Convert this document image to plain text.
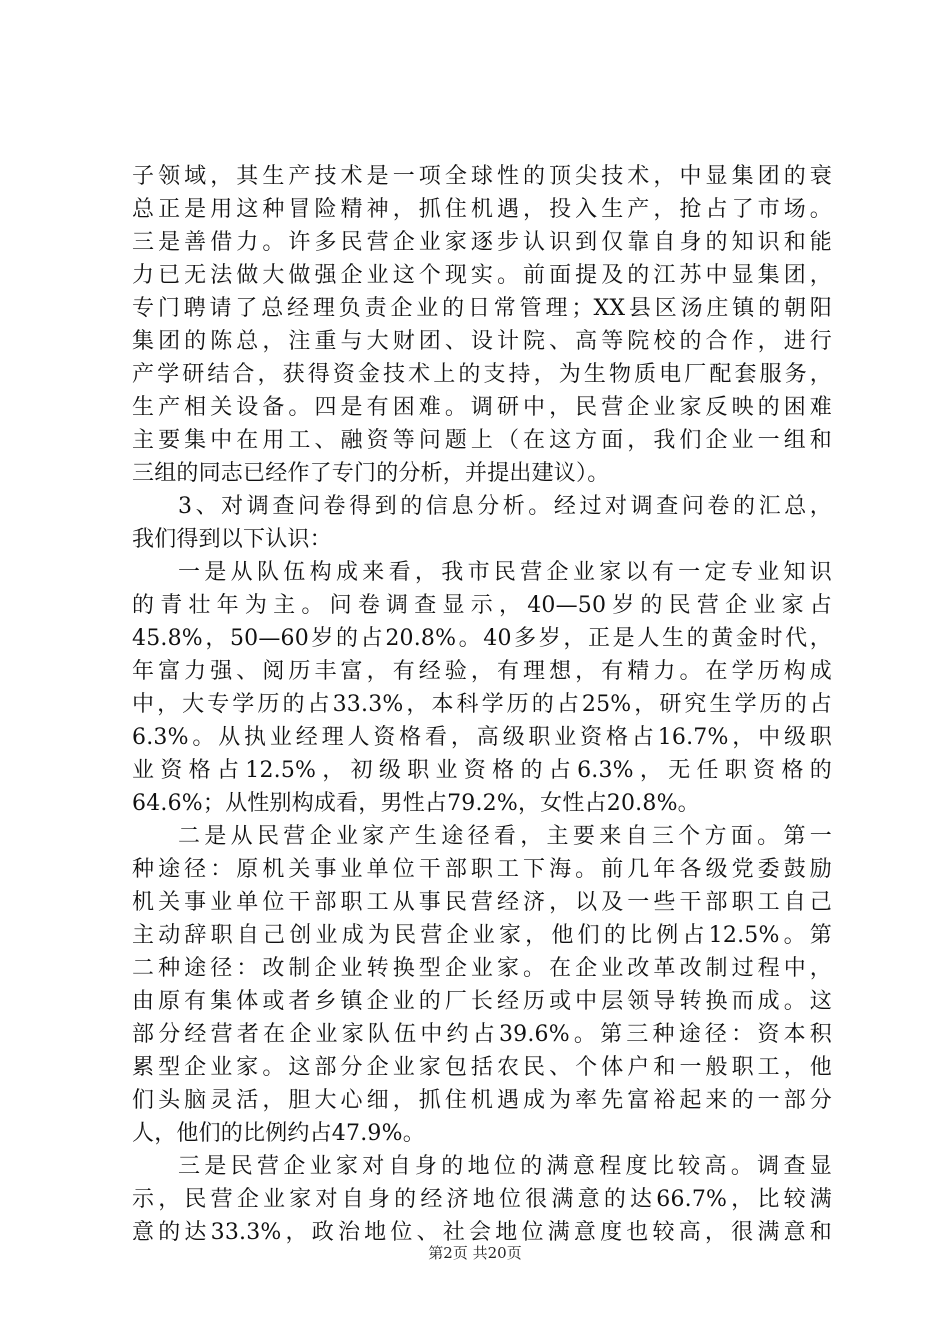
子领域，其生产技术是一项全球性的顶尖技术，中显集团的衰
总正是用这种冒险精神，抓住机遇，投入生产，抢占了市场。
三是善借力。许多民营企业家逐步认识到仅靠自身的知识和能
力已无法做大做强企业这个现实。前面提及的江苏中显集团，
专门聘请了总经理负责企业的日常管理；XX县区汤庄镇的朝阳
集团的陈总，注重与大财团、设计院、高等院校的合作，进行
产学研结合，获得资金技术上的支持，为生物质电厂配套服务，
生产相关设备。四是有困难。调研中，民营企业家反映的困难
主要集中在用工、融资等问题上（在这方面，我们企业一组和
三组的同志已经作了专门的分析，并提出建议）。
3、对调查问卷得到的信息分析。经过对调查问卷的汇总，
我们得到以下认识：
一是从队伍构成来看，我市民营企业家以有一定专业知识
的青壮年为主。问卷调查显示，40—50岁的民营企业家占
45.8%，50—60岁的占20.8%。40多岁，正是人生的黄金时代，
年富力强、阅历丰富，有经验，有理想，有精力。在学历构成
中，大专学历的占33.3%，本科学历的占25%，研究生学历的占
6.3%。从执业经理人资格看，高级职业资格占16.7%，中级职
业资格占12.5%，初级职业资格的占6.3%，无任职资格的
64.6%；从性别构成看，男性占79.2%，女性占20.8%。
二是从民营企业家产生途径看，主要来自三个方面。第一
种途径：原机关事业单位干部职工下海。前几年各级党委鼓励
机关事业单位干部职工从事民营经济，以及一些干部职工自己
主动辞职自己创业成为民营企业家，他们的比例占12.5%。第
二种途径：改制企业转换型企业家。在企业改革改制过程中，
由原有集体或者乡镇企业的厂长经历或中层领导转换而成。这
部分经营者在企业家队伍中约占39.6%。第三种途径：资本积
累型企业家。这部分企业家包括农民、个体户和一般职工，他
们头脑灵活，胆大心细，抓住机遇成为率先富裕起来的一部分
人，他们的比例约占47.9%。
三是民营企业家对自身的地位的满意程度比较高。调查显
示，民营企业家对自身的经济地位很满意的达66.7%，比较满
意的达33.3%，政治地位、社会地位满意度也较高，很满意和
第2页 共20页
